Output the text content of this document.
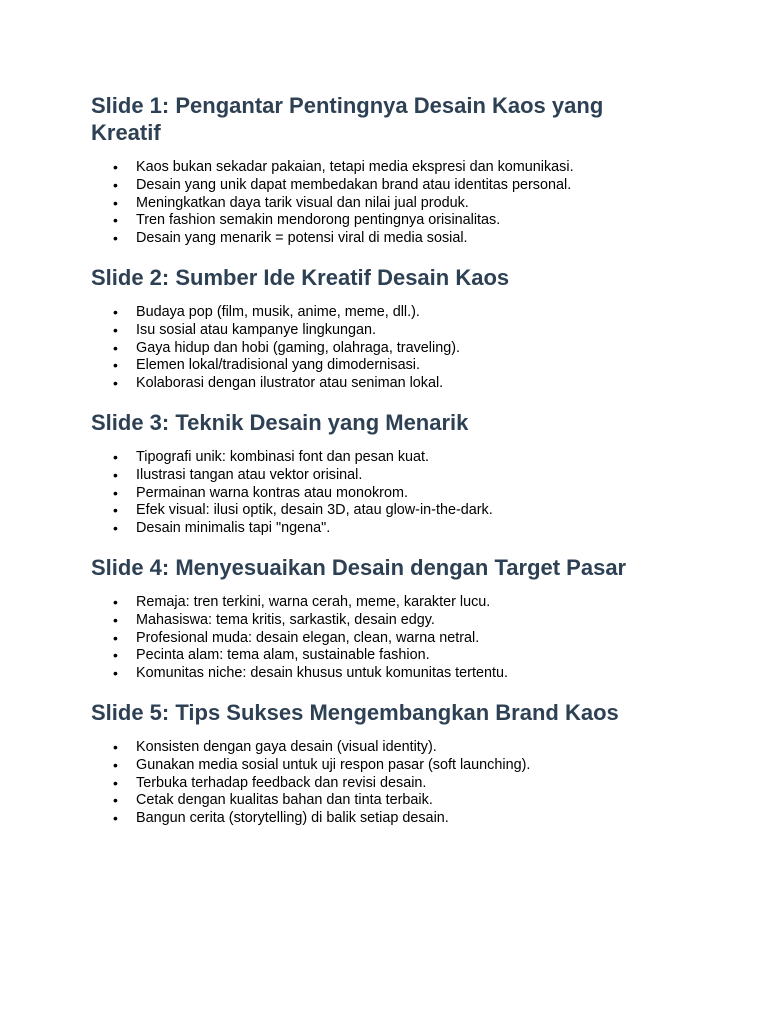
Slide 1: Pengantar Pentingnya Desain Kaos yang Kreatif
• Kaos bukan sekadar pakaian, tetapi media ekspresi dan komunikasi.
• Desain yang unik dapat membedakan brand atau identitas personal.
• Meningkatkan daya tarik visual dan nilai jual produk.
• Tren fashion semakin mendorong pentingnya orisinalitas.
• Desain yang menarik = potensi viral di media sosial.
Slide 2: Sumber Ide Kreatif Desain Kaos
• Budaya pop (film, musik, anime, meme, dll.).
• Isu sosial atau kampanye lingkungan.
• Gaya hidup dan hobi (gaming, olahraga, traveling).
• Elemen lokal/tradisional yang dimodernisasi.
• Kolaborasi dengan ilustrator atau seniman lokal.
Slide 3: Teknik Desain yang Menarik
• Tipografi unik: kombinasi font dan pesan kuat.
• Ilustrasi tangan atau vektor orisinal.
• Permainan warna kontras atau monokrom.
• Efek visual: ilusi optik, desain 3D, atau glow-in-the-dark.
• Desain minimalis tapi "ngena".
Slide 4: Menyesuaikan Desain dengan Target Pasar
• Remaja: tren terkini, warna cerah, meme, karakter lucu.
• Mahasiswa: tema kritis, sarkastik, desain edgy.
• Profesional muda: desain elegan, clean, warna netral.
• Pecinta alam: tema alam, sustainable fashion.
• Komunitas niche: desain khusus untuk komunitas tertentu.
Slide 5: Tips Sukses Mengembangkan Brand Kaos
• Konsisten dengan gaya desain (visual identity).
• Gunakan media sosial untuk uji respon pasar (soft launching).
• Terbuka terhadap feedback dan revisi desain.
• Cetak dengan kualitas bahan dan tinta terbaik.
• Bangun cerita (storytelling) di balik setiap desain.
